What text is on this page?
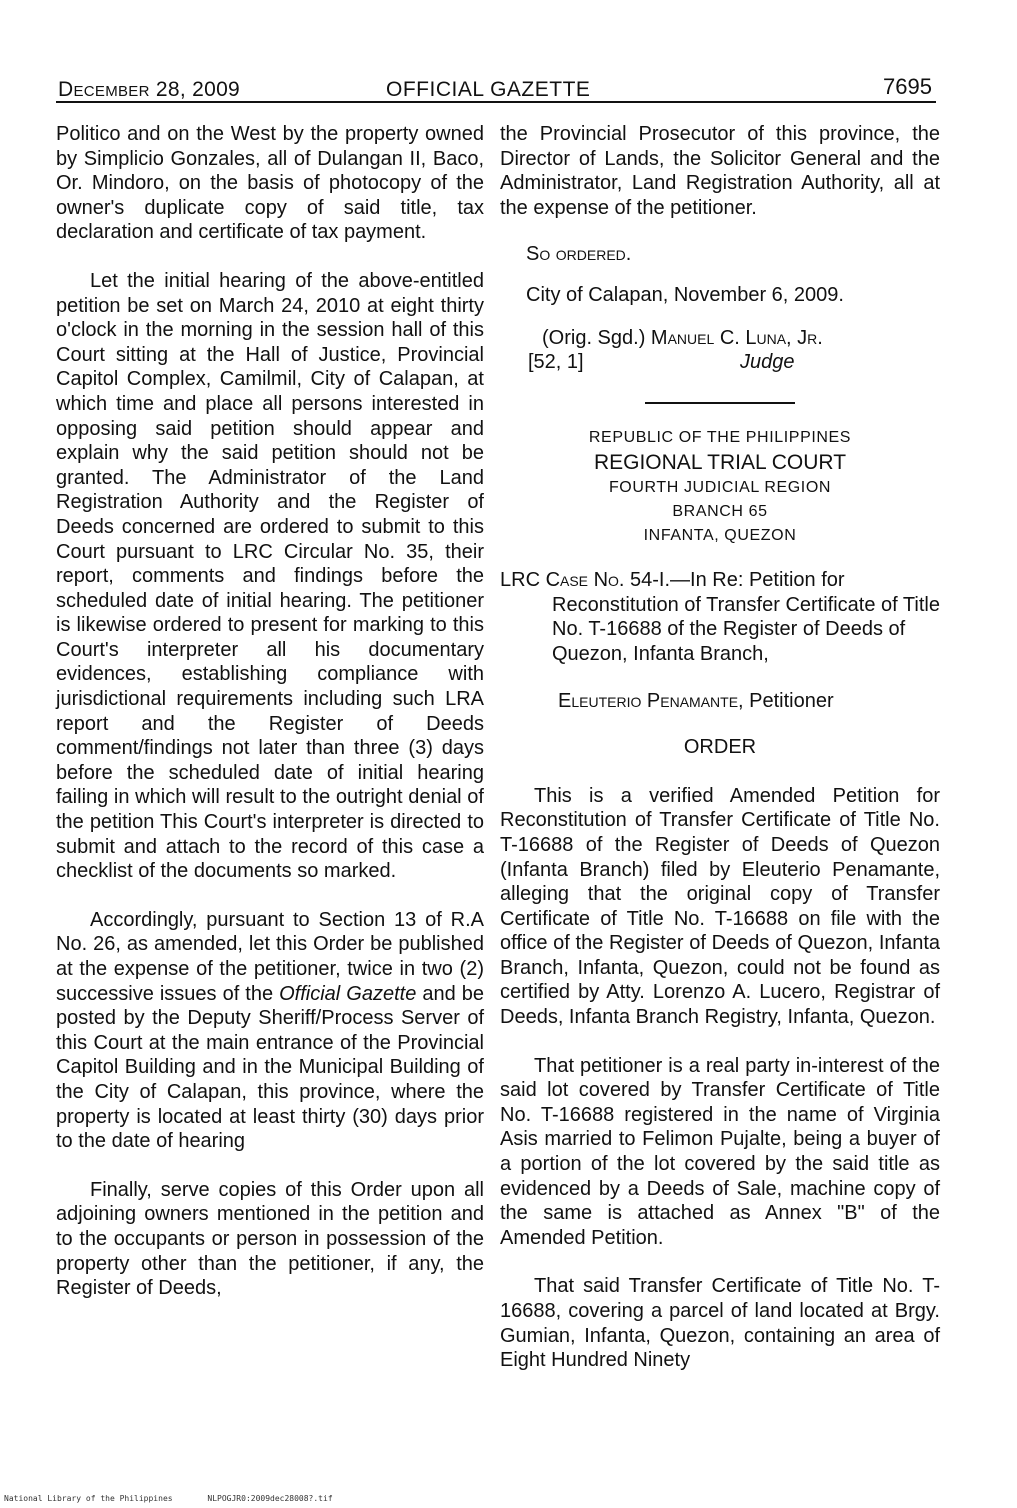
December 28, 2009	OFFICIAL GAZETTE	7695

Politico and on the West by the property owned by Simplicio Gonzales, all of Dulangan II, Baco, Or. Mindoro, on the basis of photocopy of the owner's duplicate copy of said title, tax declaration and certificate of tax payment.

Let the initial hearing of the above-entitled petition be set on March 24, 2010 at eight thirty o'clock in the morning in the session hall of this Court sitting at the Hall of Justice, Provincial Capitol Complex, Camilmil, City of Calapan, at which time and place all persons interested in opposing said petition should appear and explain why the said petition should not be granted. The Administrator of the Land Registration Authority and the Register of Deeds concerned are ordered to submit to this Court pursuant to LRC Circular No. 35, their report, comments and findings before the scheduled date of initial hearing. The petitioner is likewise ordered to present for marking to this Court's interpreter all his documentary evidences, establishing compliance with jurisdictional requirements including such LRA report and the Register of Deeds comment/findings not later than three (3) days before the scheduled date of initial hearing failing in which will result to the outright denial of the petition This Court's interpreter is directed to submit and attach to the record of this case a checklist of the documents so marked.

Accordingly, pursuant to Section 13 of R.A No. 26, as amended, let this Order be published at the expense of the petitioner, twice in two (2) successive issues of the Official Gazette and be posted by the Deputy Sheriff/Process Server of this Court at the main entrance of the Provincial Capitol Building and in the Municipal Building of the City of Calapan, this province, where the property is located at least thirty (30) days prior to the date of hearing

Finally, serve copies of this Order upon all adjoining owners mentioned in the petition and to the occupants or person in possession of the property other than the petitioner, if any, the Register of Deeds,

the Provincial Prosecutor of this province, the Director of Lands, the Solicitor General and the Administrator, Land Registration Authority, all at the expense of the petitioner.

So ordered.

City of Calapan, November 6, 2009.

(Orig. Sgd.) Manuel C. Luna, Jr.

[52, 1]	Judge
REPUBLIC OF THE PHILIPPINES
REGIONAL TRIAL COURT
FOURTH JUDICIAL REGION
BRANCH 65
INFANTA, QUEZON

LRC Case No. 54-I.—In Re: Petition for Reconstitution of Transfer Certificate of Title No. T-16688 of the Register of Deeds of Quezon, Infanta Branch,

Eleuterio Penamante, Petitioner

ORDER

This is a verified Amended Petition for Reconstitution of Transfer Certificate of Title No. T-16688 of the Register of Deeds of Quezon (Infanta Branch) filed by Eleuterio Penamante, alleging that the original copy of Transfer Certificate of Title No. T-16688 on file with the office of the Register of Deeds of Quezon, Infanta Branch, Infanta, Quezon, could not be found as certified by Atty. Lorenzo A. Lucero, Registrar of Deeds, Infanta Branch Registry, Infanta, Quezon.

That petitioner is a real party in-interest of the said lot covered by Transfer Certificate of Title No. T-16688 registered in the name of Virginia Asis married to Felimon Pujalte, being a buyer of a portion of the lot covered by the said title as evidenced by a Deeds of Sale, machine copy of the same is attached as Annex "B" of the Amended Petition.

That said Transfer Certificate of Title No. T-16688, covering a parcel of land located at Brgy. Gumian, Infanta, Quezon, containing an area of Eight Hundred Ninety

National Library of the Philippines	NLPOGJR0:2009dec28008?.tif
